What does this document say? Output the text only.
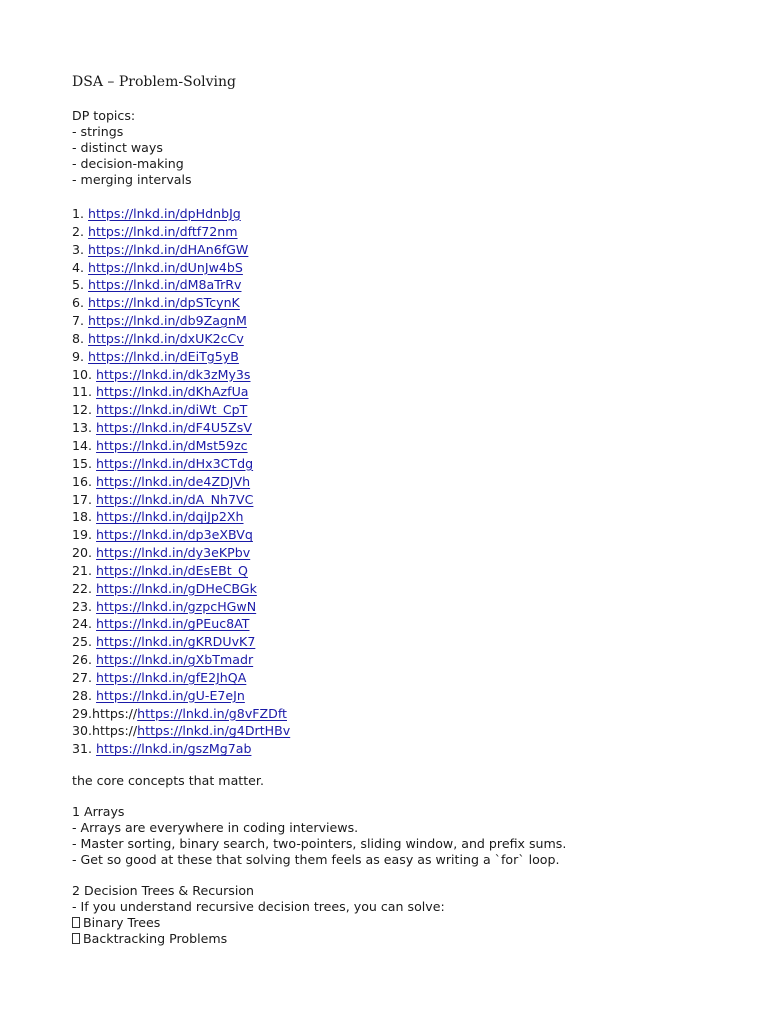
DSA – Problem-Solving
DP topics:
- strings
- distinct ways
- decision-making
- merging intervals
1. https://lnkd.in/dpHdnbJg
2. https://lnkd.in/dftf72nm
3. https://lnkd.in/dHAn6fGW
4. https://lnkd.in/dUnJw4bS
5. https://lnkd.in/dM8aTrRv
6. https://lnkd.in/dpSTcynK
7. https://lnkd.in/db9ZagnM
8. https://lnkd.in/dxUK2cCv
9. https://lnkd.in/dEiTg5yB
10. https://lnkd.in/dk3zMy3s
11. https://lnkd.in/dKhAzfUa
12. https://lnkd.in/diWt_CpT
13. https://lnkd.in/dF4U5ZsV
14. https://lnkd.in/dMst59zc
15. https://lnkd.in/dHx3CTdg
16. https://lnkd.in/de4ZDJVh
17. https://lnkd.in/dA_Nh7VC
18. https://lnkd.in/dqiJp2Xh
19. https://lnkd.in/dp3eXBVq
20. https://lnkd.in/dy3eKPbv
21. https://lnkd.in/dEsEBt_Q
22. https://lnkd.in/gDHeCBGk
23. https://lnkd.in/gzpcHGwN
24. https://lnkd.in/gPEuc8AT
25. https://lnkd.in/gKRDUvK7
26. https://lnkd.in/gXbTmadr
27. https://lnkd.in/gfE2JhQA
28. https://lnkd.in/gU-E7eJn
29.https://https://lnkd.in/g8vFZDft
30.https://https://lnkd.in/g4DrtHBv
31. https://lnkd.in/gszMg7ab
the core concepts that matter.
1 Arrays
- Arrays are everywhere in coding interviews.
- Master sorting, binary search, two-pointers, sliding window, and prefix sums.
- Get so good at these that solving them feels as easy as writing a `for` loop.
2 Decision Trees & Recursion
- If you understand recursive decision trees, you can solve:
Binary Trees
Backtracking Problems
